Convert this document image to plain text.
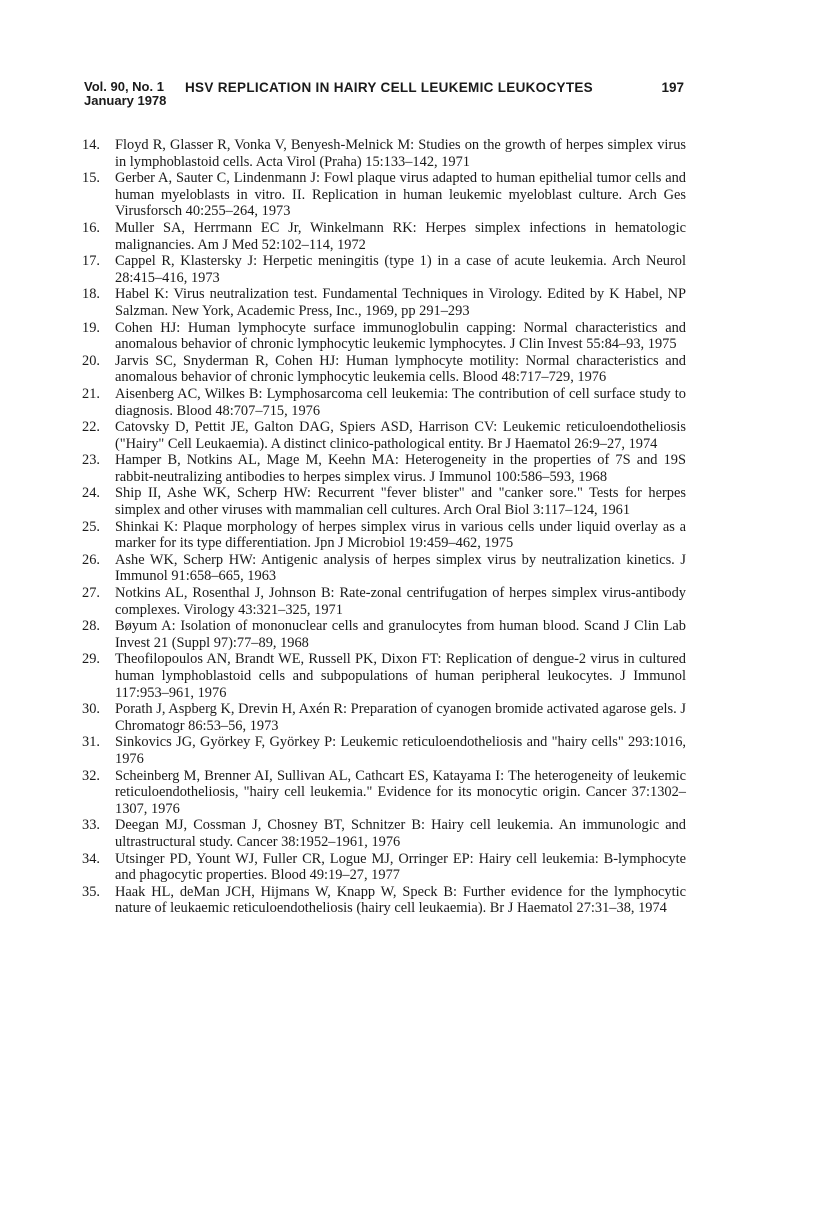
Vol. 90, No. 1
January 1978
HSV REPLICATION IN HAIRY CELL LEUKEMIC LEUKOCYTES	197
14.	Floyd R, Glasser R, Vonka V, Benyesh-Melnick M: Studies on the growth of herpes simplex virus in lymphoblastoid cells. Acta Virol (Praha) 15:133–142, 1971
15.	Gerber A, Sauter C, Lindenmann J: Fowl plaque virus adapted to human epithelial tumor cells and human myeloblasts in vitro. II. Replication in human leukemic myeloblast culture. Arch Ges Virusforsch 40:255–264, 1973
16.	Muller SA, Herrmann EC Jr, Winkelmann RK: Herpes simplex infections in hematologic malignancies. Am J Med 52:102–114, 1972
17.	Cappel R, Klastersky J: Herpetic meningitis (type 1) in a case of acute leukemia. Arch Neurol 28:415–416, 1973
18.	Habel K: Virus neutralization test. Fundamental Techniques in Virology. Edited by K Habel, NP Salzman. New York, Academic Press, Inc., 1969, pp 291–293
19.	Cohen HJ: Human lymphocyte surface immunoglobulin capping: Normal characteristics and anomalous behavior of chronic lymphocytic leukemic lymphocytes. J Clin Invest 55:84–93, 1975
20.	Jarvis SC, Snyderman R, Cohen HJ: Human lymphocyte motility: Normal characteristics and anomalous behavior of chronic lymphocytic leukemia cells. Blood 48:717–729, 1976
21.	Aisenberg AC, Wilkes B: Lymphosarcoma cell leukemia: The contribution of cell surface study to diagnosis. Blood 48:707–715, 1976
22.	Catovsky D, Pettit JE, Galton DAG, Spiers ASD, Harrison CV: Leukemic reticuloendotheliosis ("Hairy" Cell Leukaemia). A distinct clinico-pathological entity. Br J Haematol 26:9–27, 1974
23.	Hamper B, Notkins AL, Mage M, Keehn MA: Heterogeneity in the properties of 7S and 19S rabbit-neutralizing antibodies to herpes simplex virus. J Immunol 100:586–593, 1968
24.	Ship II, Ashe WK, Scherp HW: Recurrent "fever blister" and "canker sore." Tests for herpes simplex and other viruses with mammalian cell cultures. Arch Oral Biol 3:117–124, 1961
25.	Shinkai K: Plaque morphology of herpes simplex virus in various cells under liquid overlay as a marker for its type differentiation. Jpn J Microbiol 19:459–462, 1975
26.	Ashe WK, Scherp HW: Antigenic analysis of herpes simplex virus by neutralization kinetics. J Immunol 91:658–665, 1963
27.	Notkins AL, Rosenthal J, Johnson B: Rate-zonal centrifugation of herpes simplex virus-antibody complexes. Virology 43:321–325, 1971
28.	Bøyum A: Isolation of mononuclear cells and granulocytes from human blood. Scand J Clin Lab Invest 21 (Suppl 97):77–89, 1968
29.	Theofilopoulos AN, Brandt WE, Russell PK, Dixon FT: Replication of dengue-2 virus in cultured human lymphoblastoid cells and subpopulations of human peripheral leukocytes. J Immunol 117:953–961, 1976
30.	Porath J, Aspberg K, Drevin H, Axén R: Preparation of cyanogen bromide activated agarose gels. J Chromatogr 86:53–56, 1973
31.	Sinkovics JG, Györkey F, Györkey P: Leukemic reticuloendotheliosis and "hairy cells" 293:1016, 1976
32.	Scheinberg M, Brenner AI, Sullivan AL, Cathcart ES, Katayama I: The heterogeneity of leukemic reticuloendotheliosis, "hairy cell leukemia." Evidence for its monocytic origin. Cancer 37:1302–1307, 1976
33.	Deegan MJ, Cossman J, Chosney BT, Schnitzer B: Hairy cell leukemia. An immunologic and ultrastructural study. Cancer 38:1952–1961, 1976
34.	Utsinger PD, Yount WJ, Fuller CR, Logue MJ, Orringer EP: Hairy cell leukemia: B-lymphocyte and phagocytic properties. Blood 49:19–27, 1977
35.	Haak HL, deMan JCH, Hijmans W, Knapp W, Speck B: Further evidence for the lymphocytic nature of leukaemic reticuloendotheliosis (hairy cell leukaemia). Br J Haematol 27:31–38, 1974
